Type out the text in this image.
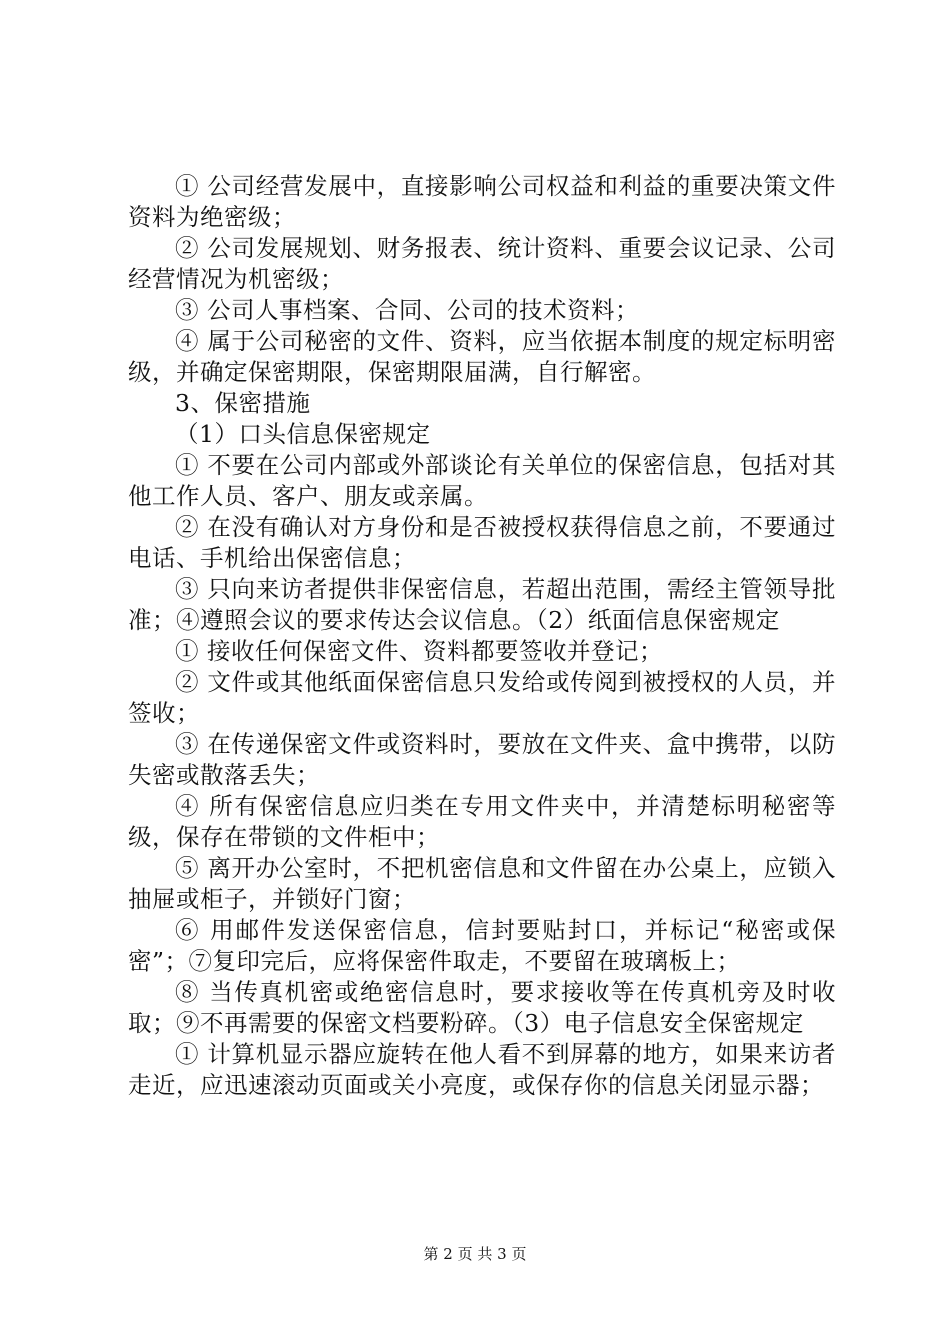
① 公司经营发展中，直接影响公司权益和利益的重要决策文件资料为绝密级；

② 公司发展规划、财务报表、统计资料、重要会议记录、公司经营情况为机密级；

③ 公司人事档案、合同、公司的技术资料；

④ 属于公司秘密的文件、资料，应当依据本制度的规定标明密级，并确定保密期限，保密期限届满，自行解密。

3、保密措施

（1）口头信息保密规定

① 不要在公司内部或外部谈论有关单位的保密信息，包括对其他工作人员、客户、朋友或亲属。

② 在没有确认对方身份和是否被授权获得信息之前，不要通过电话、手机给出保密信息；

③ 只向来访者提供非保密信息，若超出范围，需经主管领导批准；④遵照会议的要求传达会议信息。（2）纸面信息保密规定

① 接收任何保密文件、资料都要签收并登记；

② 文件或其他纸面保密信息只发给或传阅到被授权的人员，并签收；

③ 在传递保密文件或资料时，要放在文件夹、盒中携带，以防失密或散落丢失；

④ 所有保密信息应归类在专用文件夹中，并清楚标明秘密等级，保存在带锁的文件柜中；

⑤ 离开办公室时，不把机密信息和文件留在办公桌上，应锁入抽屉或柜子，并锁好门窗；

⑥ 用邮件发送保密信息，信封要贴封口，并标记“秘密或保密”；⑦复印完后，应将保密件取走，不要留在玻璃板上；

⑧ 当传真机密或绝密信息时，要求接收等在传真机旁及时收取；⑨不再需要的保密文档要粉碎。（3）电子信息安全保密规定

① 计算机显示器应旋转在他人看不到屏幕的地方，如果来访者走近，应迅速滚动页面或关小亮度，或保存你的信息关闭显示器；

第 2 页 共 3 页
